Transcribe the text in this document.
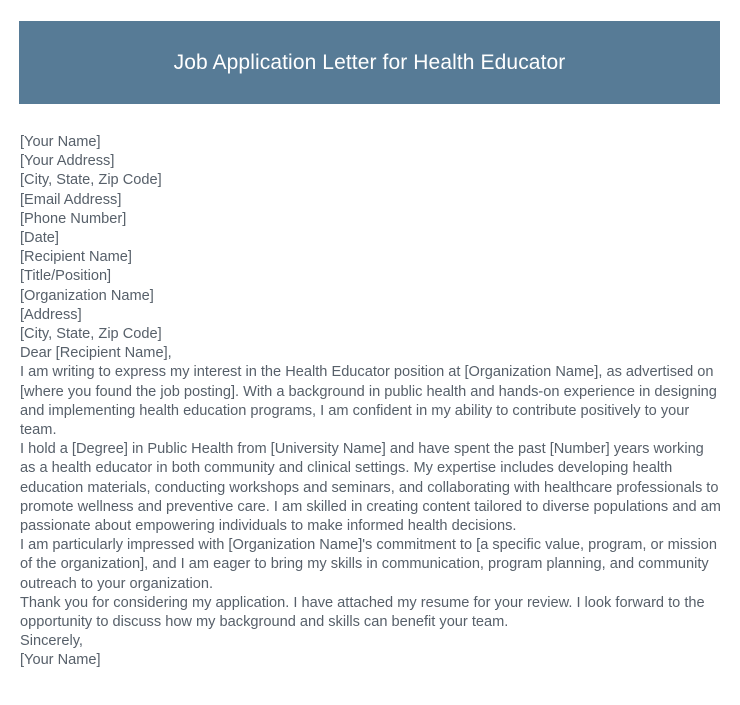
Job Application Letter for Health Educator
[Your Name]
[Your Address]
[City, State, Zip Code]
[Email Address]
[Phone Number]
[Date]
[Recipient Name]
[Title/Position]
[Organization Name]
[Address]
[City, State, Zip Code]
Dear [Recipient Name],
I am writing to express my interest in the Health Educator position at [Organization Name], as advertised on [where you found the job posting]. With a background in public health and hands-on experience in designing and implementing health education programs, I am confident in my ability to contribute positively to your team.
I hold a [Degree] in Public Health from [University Name] and have spent the past [Number] years working as a health educator in both community and clinical settings. My expertise includes developing health education materials, conducting workshops and seminars, and collaborating with healthcare professionals to promote wellness and preventive care. I am skilled in creating content tailored to diverse populations and am passionate about empowering individuals to make informed health decisions.
I am particularly impressed with [Organization Name]'s commitment to [a specific value, program, or mission of the organization], and I am eager to bring my skills in communication, program planning, and community outreach to your organization.
Thank you for considering my application. I have attached my resume for your review. I look forward to the opportunity to discuss how my background and skills can benefit your team.
Sincerely,
[Your Name]
